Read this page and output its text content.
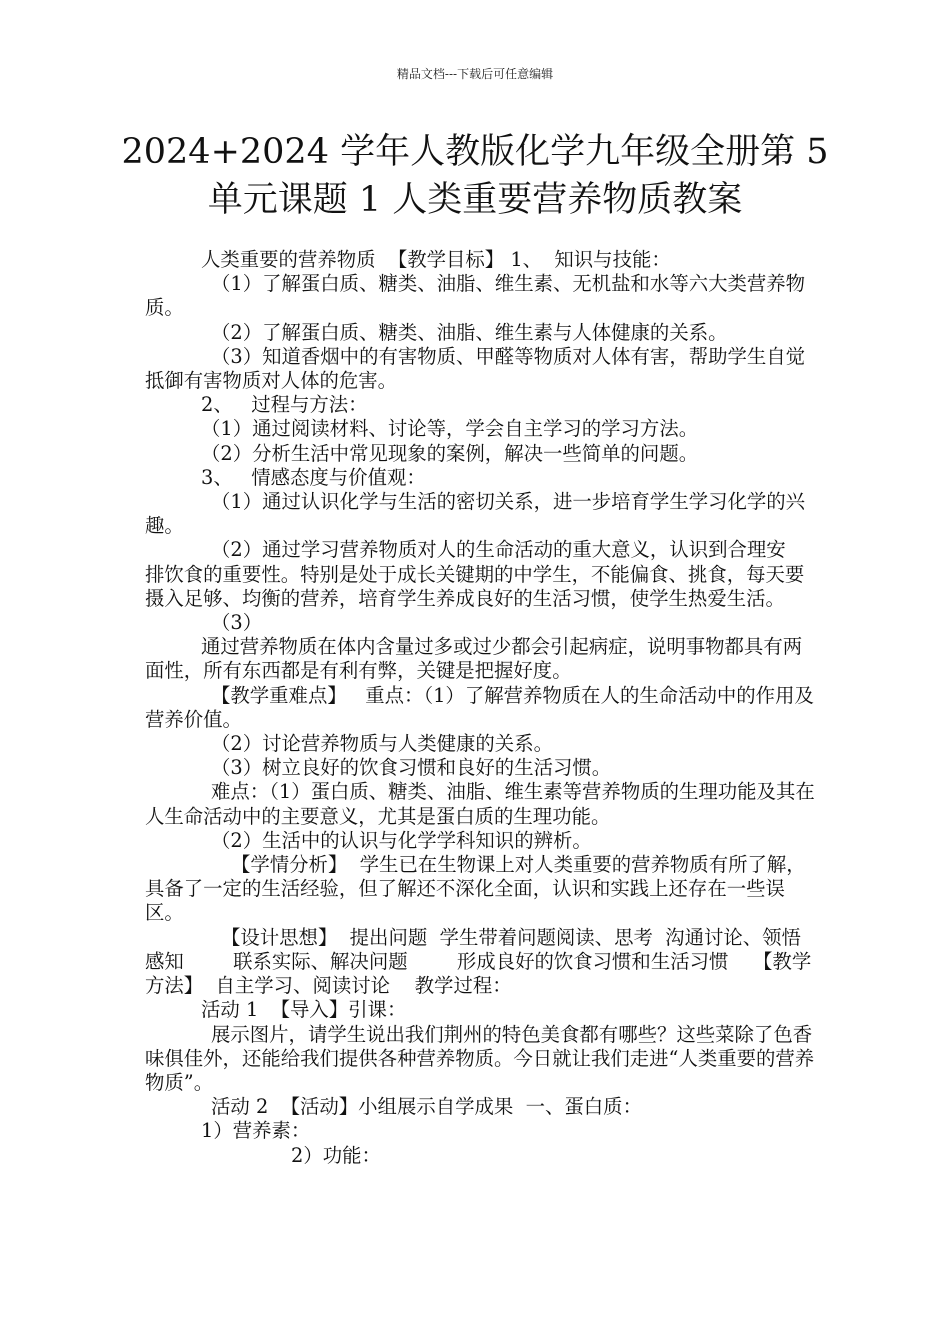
精品文档---下载后可任意编辑
2024+2024 学年人教版化学九年级全册第 5
单元课题 1 人类重要营养物质教案

人类重要的营养物质  【教学目标】 1、  知识与技能：

（1）了解蛋白质、糖类、油脂、维生素、无机盐和水等六大类营养物质。

（2）了解蛋白质、糖类、油脂、维生素与人体健康的关系。

（3）知道香烟中的有害物质、甲醛等物质对人体有害，帮助学生自觉抵御有害物质对人体的危害。

2、   过程与方法：

（1）通过阅读材料、讨论等，学会自主学习的学习方法。

（2）分析生活中常见现象的案例，解决一些简单的问题。

3、   情感态度与价值观：

（1）通过认识化学与生活的密切关系，进一步培育学生学习化学的兴趣。

（2）通过学习营养物质对人的生命活动的重大意义，认识到合理安      排饮食的重要性。特别是处于成长关键期的中学生，不能偏食、挑食，每天要摄入足够、均衡的营养，培育学生养成良好的生活习惯，使学生热爱生活。

（3）

通过营养物质在体内含量过多或过少都会引起病症，说明事物都具有两面性，所有东西都是有利有弊，关键是把握好度。

【教学重难点】   重点：（1）了解营养物质在人的生命活动中的作用及营养价值。

（2）讨论营养物质与人类健康的关系。

（3）树立良好的饮食习惯和良好的生活习惯。

难点：（1）蛋白质、糖类、油脂、维生素等营养物质的生理功能及其在人生命活动中的主要意义，尤其是蛋白质的生理功能。

（2）生活中的认识与化学学科知识的辨析。

【学情分析】  学生已在生物课上对人类重要的营养物质有所了解，具备了一定的生活经验，但了解还不深化全面，认识和实践上还存在一些误区。

【设计思想】  提出问题  学生带着问题阅读、思考  沟通讨论、领悟感知        联系实际、解决问题        形成良好的饮食习惯和生活习惯    【教学方法】  自主学习、阅读讨论    教学过程：

活动 1  【导入】引课：

展示图片，请学生说出我们荆州的特色美食都有哪些？这些菜除了色香味俱佳外，还能给我们提供各种营养物质。今日就让我们走进“人类重要的营养物质”。

活动 2  【活动】小组展示自学成果  一、蛋白质：

1）营养素：

2）功能：
